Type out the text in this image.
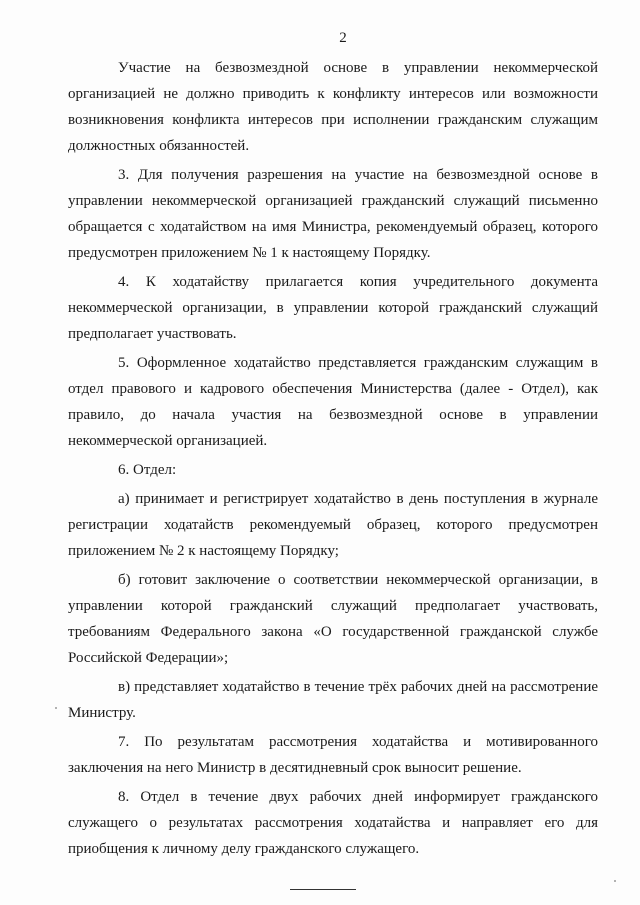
2

Участие на безвозмездной основе в управлении некоммерческой организацией не должно приводить к конфликту интересов или возможности возникновения конфликта интересов при исполнении гражданским служащим должностных обязанностей.

3. Для получения разрешения на участие на безвозмездной основе в управлении некоммерческой организацией гражданский служащий письменно обращается с ходатайством на имя Министра, рекомендуемый образец, которого предусмотрен приложением № 1 к настоящему Порядку.

4. К ходатайству прилагается копия учредительного документа некоммерческой организации, в управлении которой гражданский служащий предполагает участвовать.

5. Оформленное ходатайство представляется гражданским служащим в отдел правового и кадрового обеспечения Министерства (далее - Отдел), как правило, до начала участия на безвозмездной основе в управлении некоммерческой организацией.

6. Отдел:

а) принимает и регистрирует ходатайство в день поступления в журнале регистрации ходатайств рекомендуемый образец, которого предусмотрен приложением № 2 к настоящему Порядку;

б) готовит заключение о соответствии некоммерческой организации, в управлении которой гражданский служащий предполагает участвовать, требованиям Федерального закона «О государственной гражданской службе Российской Федерации»;

в) представляет ходатайство в течение трёх рабочих дней на рассмотрение Министру.

7. По результатам рассмотрения ходатайства и мотивированного заключения на него Министр в десятидневный срок выносит решение.

8. Отдел в течение двух рабочих дней информирует гражданского служащего о результатах рассмотрения ходатайства и направляет его для приобщения к личному делу гражданского служащего.
